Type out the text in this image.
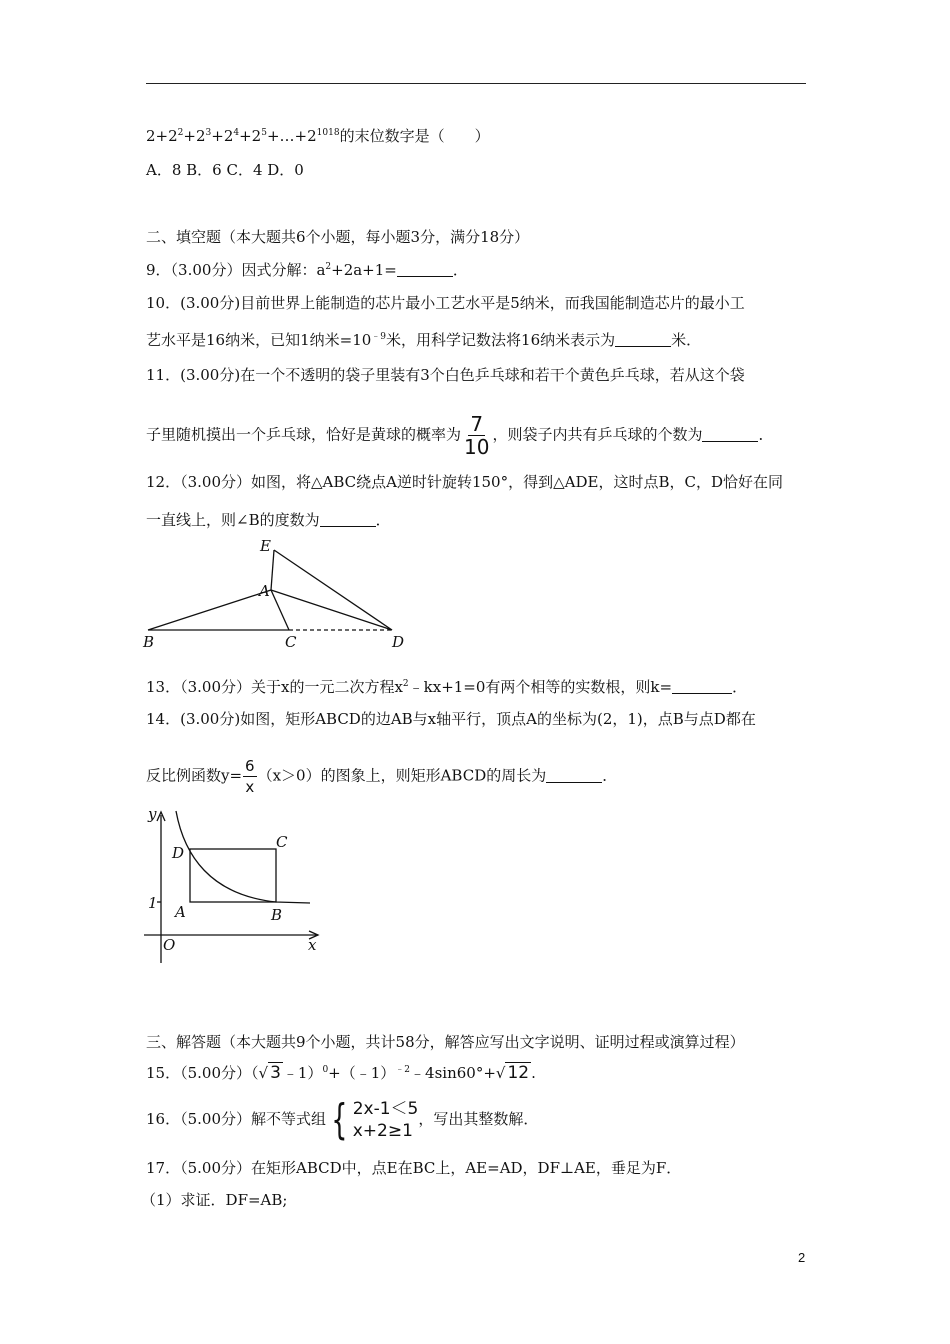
$2+2^2+2^3+2^4+2^5+\dots+2^{1018}$的末位数字是（　　）
A．8 B．6 C．4 D．0
二、填空题（本大题共6个小题，每小题3分，满分18分）
9．（3.00分）因式分解：$a^2+2a+1=$	．
10．(3.00分)目前世界上能制造的芯片最小工艺水平是5纳米，而我国能制造芯片的最小工
艺水平是16纳米，已知1纳米$=10^{﹣9}$米，用科学记数法将16纳米表示为	米．
11．(3.00分)在一个不透明的袋子里装有3个白色乒乓球和若干个黄色乒乓球，若从这个袋
子里随机摸出一个乒乓球，恰好是黄球的概率为 $\frac{7}{10}$ ，则袋子内共有乒乓球的个数为	．
12．（3.00分）如图，将△ABC绕点A逆时针旋转150°，得到△ADE，这时点B，C，D恰好在同
一直线上，则∠B的度数为	．
E
A
B	C	D
13．（3.00分）关于x的一元二次方程$x^2﹣kx+1=0$有两个相等的实数根，则k=	．
14．(3.00分)如图，矩形ABCD的边AB与x轴平行，顶点A的坐标为(2，1)，点B与点D都在
反比例函数$y= \frac{6}{x} (x>0)$的图象上，则矩形ABCD的周长为	．
y
x
O
1 A	B
C
D
三、解答题（本大题共9个小题，共计58分，解答应写出文字说明、证明过程或演算过程）
15．（5.00分）（√ 3 ﹣1）$^0$+（﹣1）$^{﹣2}$﹣4sin60°+√ 12 .
16．（5.00分）解不等式组 { 2x-1＜5
x+2≥1
，写出其整数解．
17．（5.00分）在矩形ABCD中，点E在BC上，AE=AD，DF⊥AE，垂足为F．
（1）求证．DF=AB;
2
